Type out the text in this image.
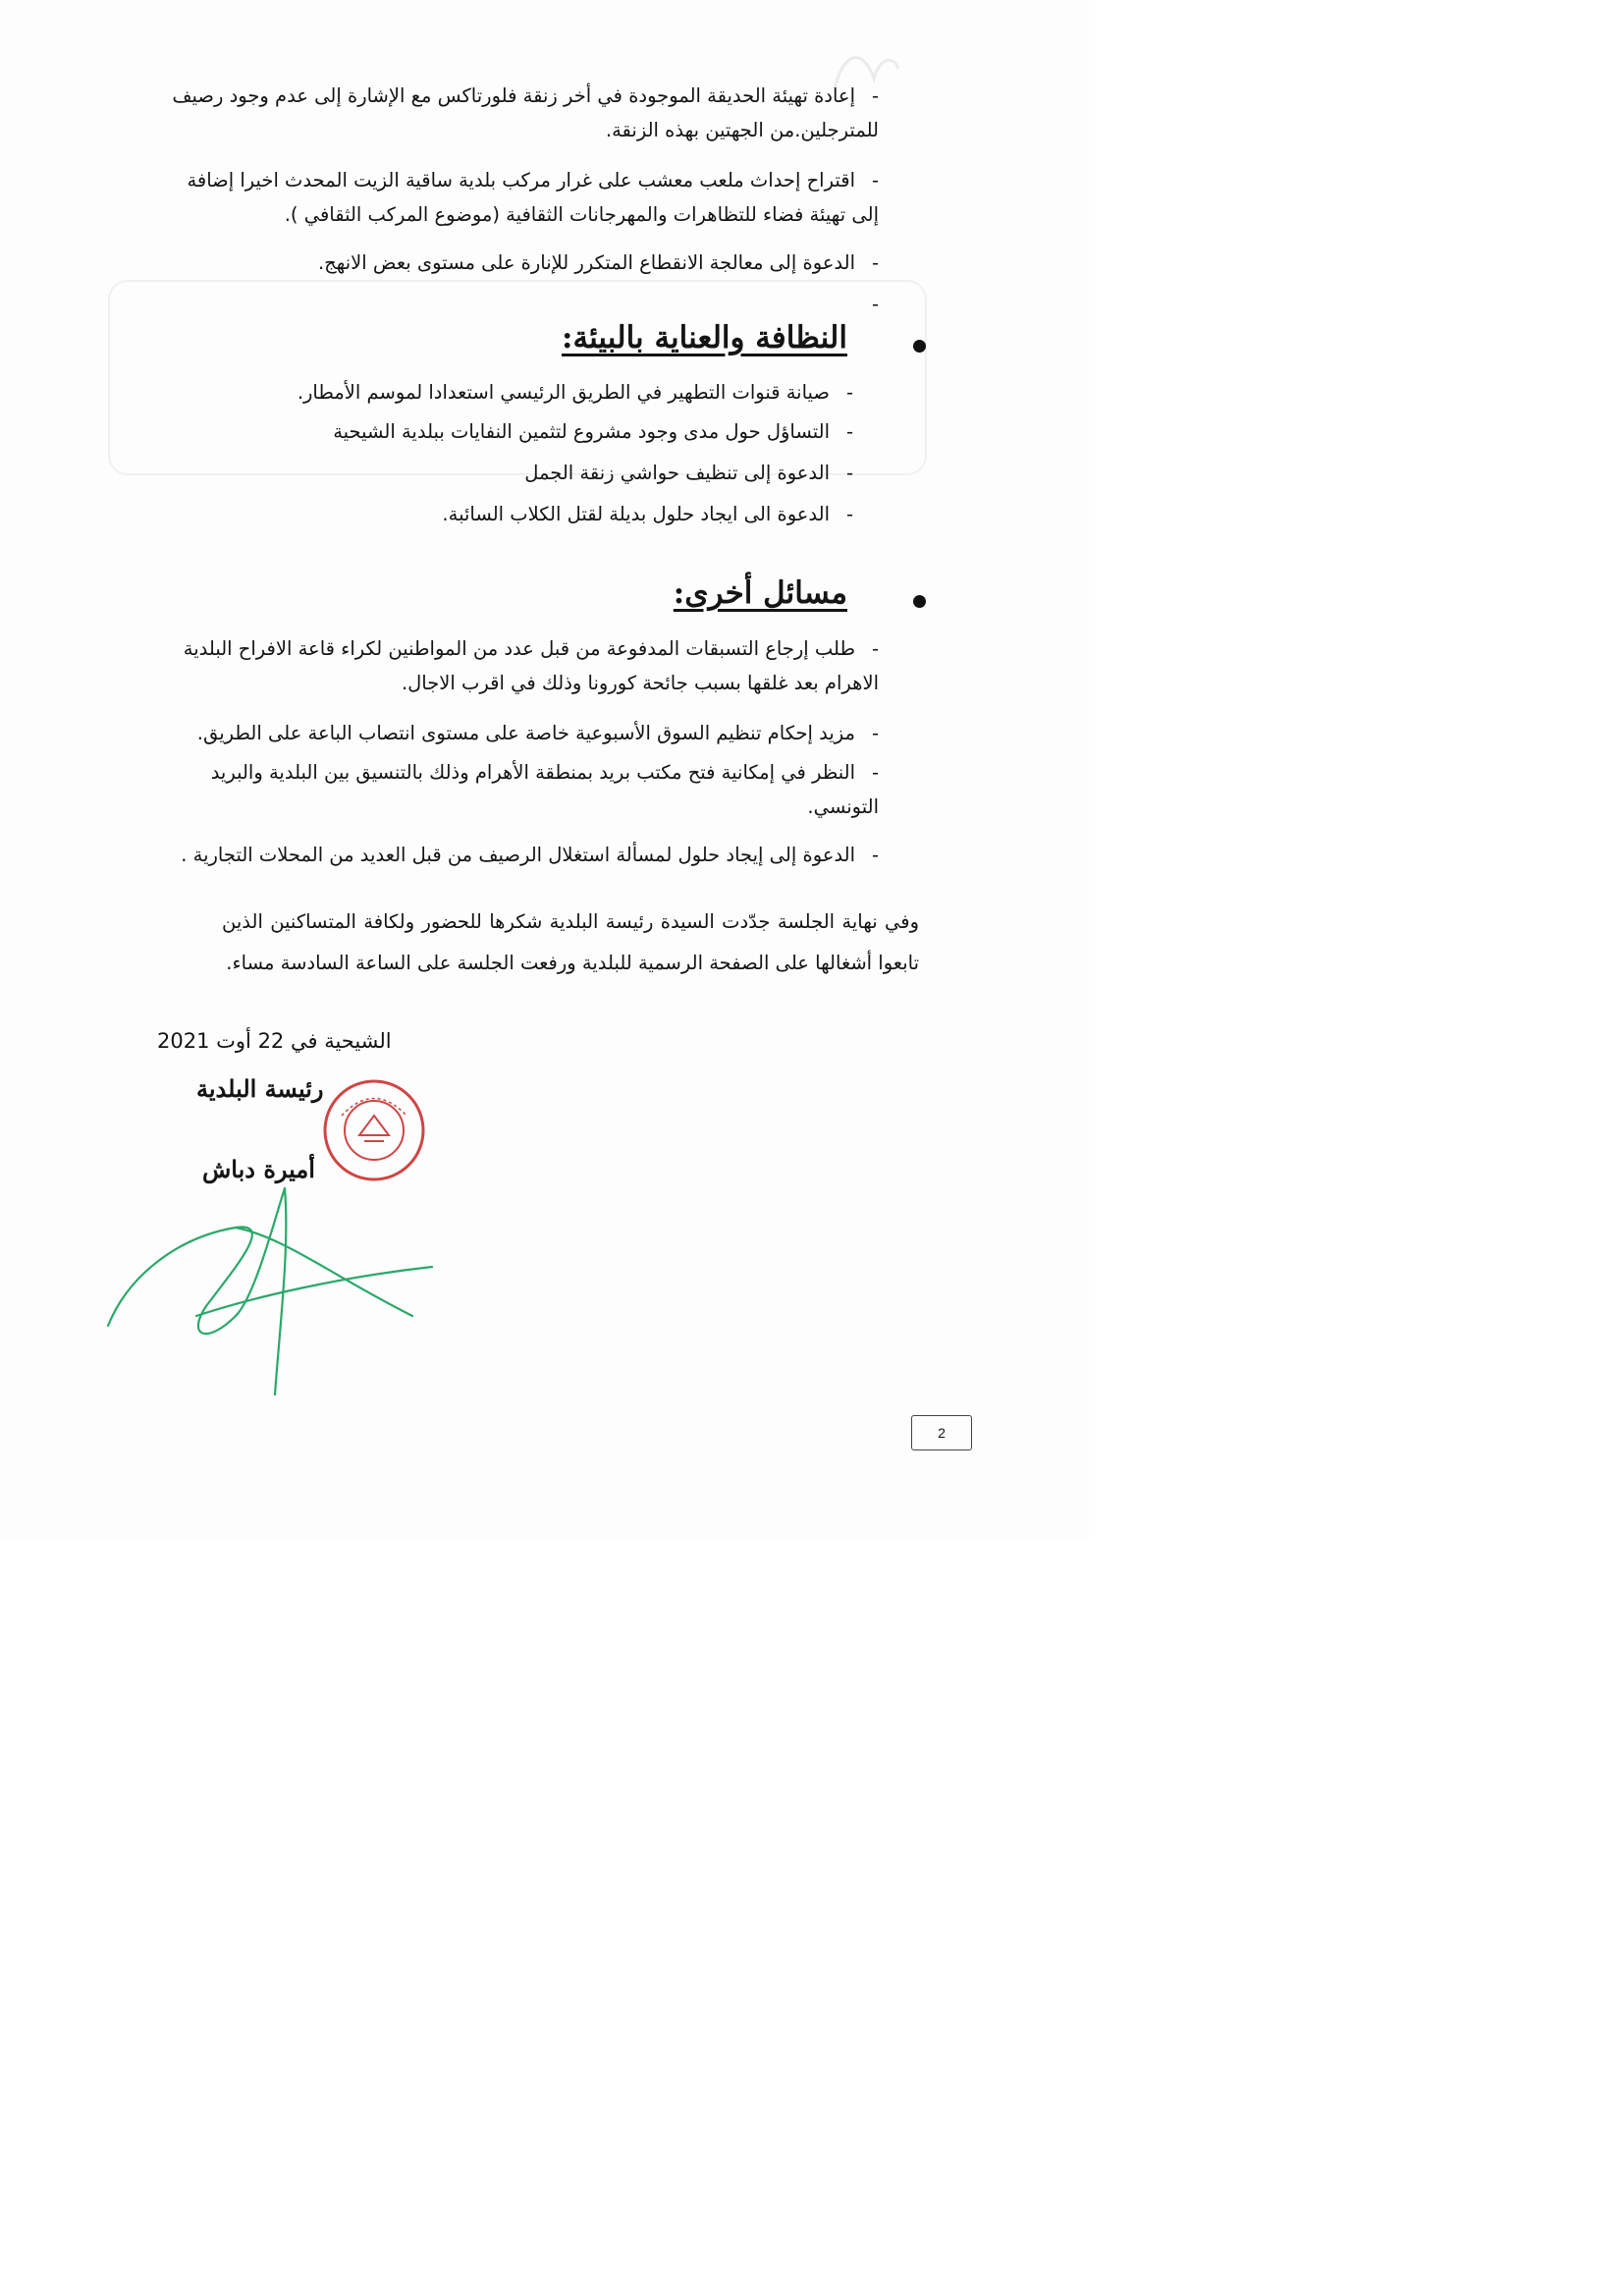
-إعادة تهيئة الحديقة الموجودة في أخر زنقة فلورتاكس مع الإشارة إلى عدم وجود رصيف للمترجلين.من الجهتين بهذه الزنقة.
-اقتراح إحداث ملعب معشب على غرار مركب بلدية ساقية الزيت المحدث اخيرا إضافة إلى تهيئة فضاء للتظاهرات والمهرجانات الثقافية (موضوع المركب الثقافي ).
-الدعوة إلى معالجة الانقطاع المتكرر للإنارة على مستوى بعض الانهج.
-
النظافة والعناية بالبيئة:
-صيانة قنوات التطهير في الطريق الرئيسي استعدادا لموسم الأمطار.
-التساؤل حول مدى وجود مشروع لتثمين النفايات ببلدية الشيحية
-الدعوة إلى تنظيف حواشي زنقة الجمل
-الدعوة الى ايجاد حلول بديلة لقتل الكلاب السائبة.
مسائل أخرى:
-طلب إرجاع التسبقات المدفوعة من قبل عدد من المواطنين لكراء قاعة الافراح البلدية الاهرام بعد غلقها بسبب جائحة كورونا وذلك في اقرب الاجال.
-مزيد إحكام تنظيم السوق الأسبوعية خاصة على مستوى انتصاب الباعة على الطريق.
-النظر في إمكانية فتح مكتب بريد بمنطقة الأهرام وذلك بالتنسيق بين البلدية والبريد التونسي.
-الدعوة إلى إيجاد حلول لمسألة استغلال الرصيف من قبل العديد من المحلات التجارية .
وفي نهاية الجلسة جدّدت السيدة رئيسة البلدية شكرها للحضور ولكافة المتساكنين الذين تابعوا أشغالها على الصفحة الرسمية للبلدية ورفعت الجلسة على الساعة السادسة مساء.
الشيحية في 22 أوت 2021
رئيسة البلدية
أميرة دباش
2
